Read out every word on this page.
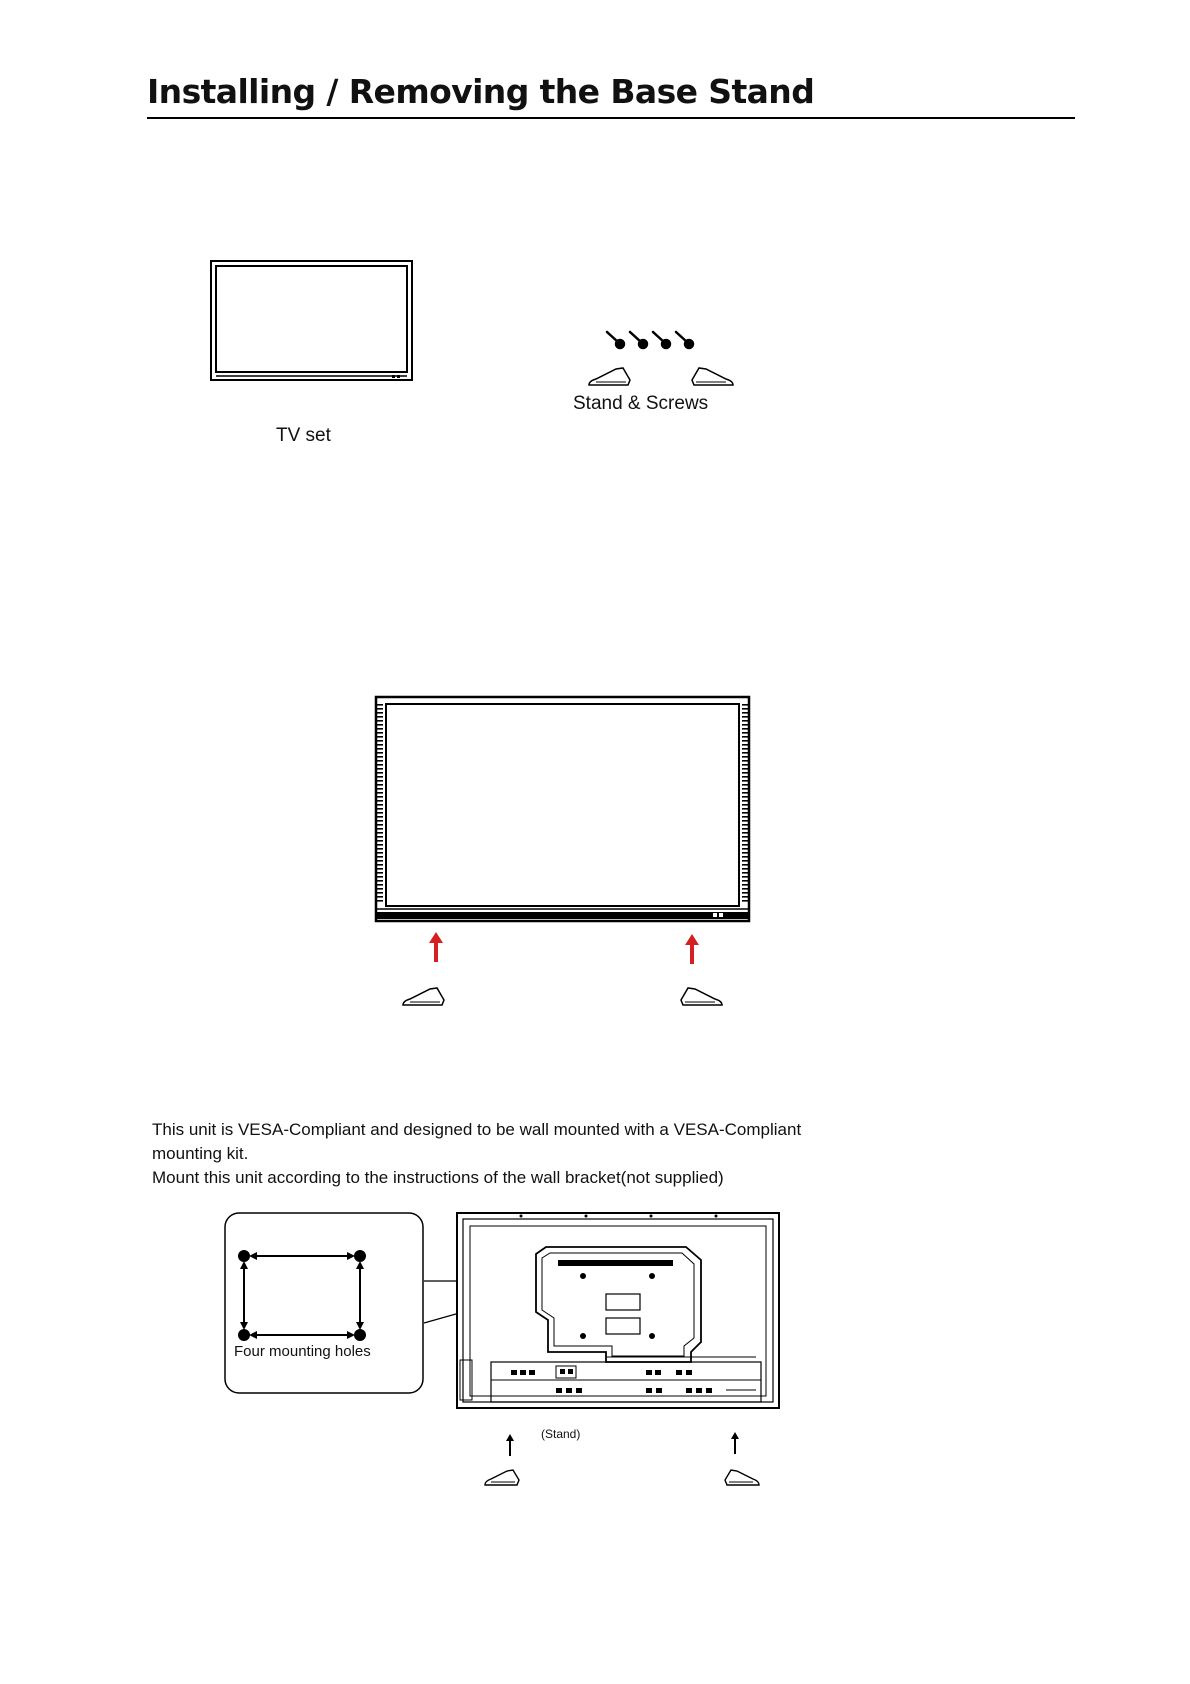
Installing / Removing the Base Stand
TV set
Stand & Screws
This unit is VESA-Compliant and designed to be wall mounted with a VESA-Compliant
mounting kit.
Mount this unit according to the instructions of the wall bracket(not supplied)
Four mounting holes
(Stand)
